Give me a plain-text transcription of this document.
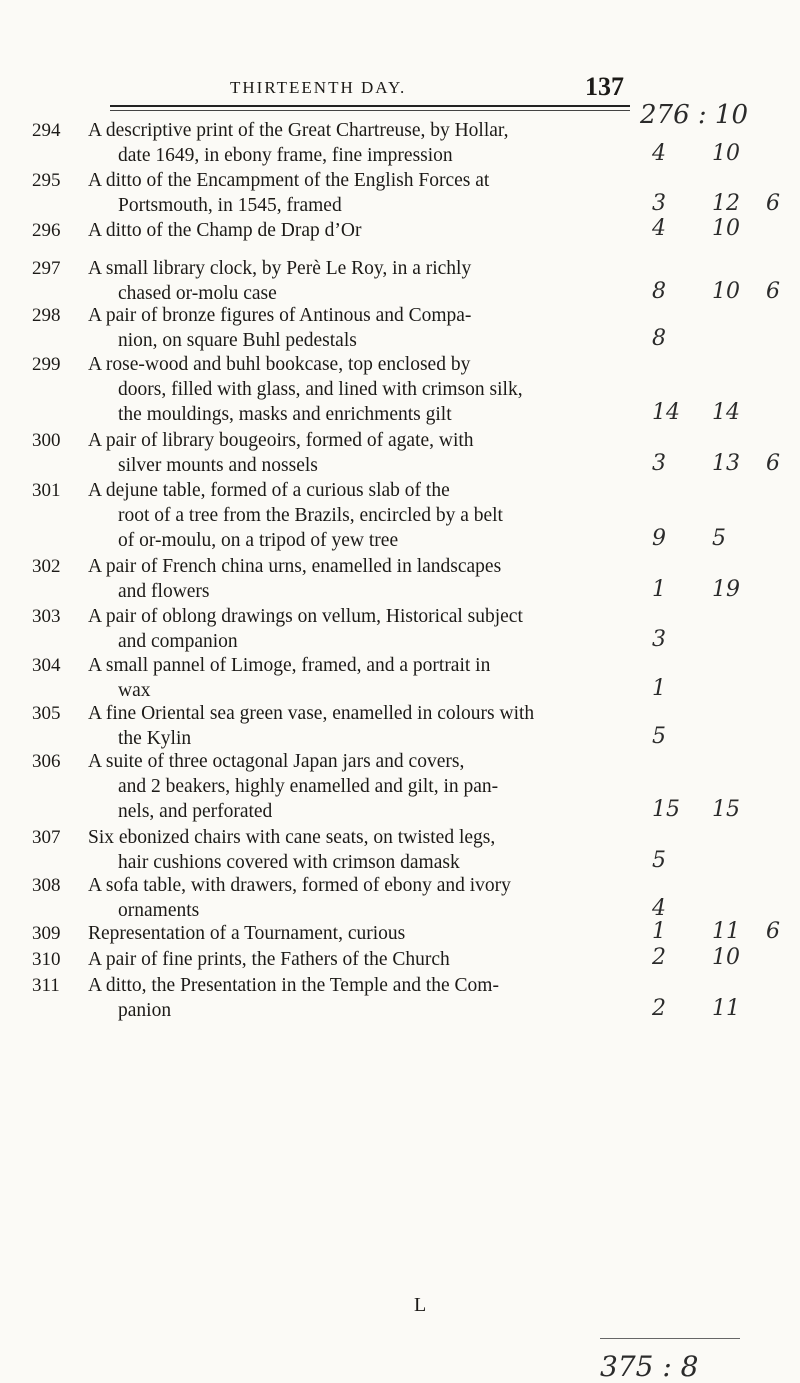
THIRTEENTH DAY.	137
276 : 10
294 A descriptive print of the Great Chartreuse, by Hollar,
date 1649, in ebony frame, fine impression	4 10
295 A ditto of the Encampment of the English Forces at
Portsmouth, in 1545, framed	3 12 6
296 A ditto of the Champ de Drap d’Or	4 10
297 A small library clock, by Perè Le Roy, in a richly
chased or-molu case	8 10 6
298 A pair of bronze figures of Antinous and Compa-
nion, on square Buhl pedestals	8
299 A rose-wood and buhl bookcase, top enclosed by
doors, filled with glass, and lined with crimson silk,
the mouldings, masks and enrichments gilt	14 14
300 A pair of library bougeoirs, formed of agate, with
silver mounts and nossels	3 13 6
301 A dejune table, formed of a curious slab of the
root of a tree from the Brazils, encircled by a belt
of or-moulu, on a tripod of yew tree	9 5
302 A pair of French china urns, enamelled in landscapes
and flowers	1 19
303 A pair of oblong drawings on vellum, Historical subject
and companion	3
304 A small pannel of Limoge, framed, and a portrait in
wax	1
305 A fine Oriental sea green vase, enamelled in colours with
the Kylin	5
306 A suite of three octagonal Japan jars and covers,
and 2 beakers, highly enamelled and gilt, in pan-
nels, and perforated	15 15
307 Six ebonized chairs with cane seats, on twisted legs,
hair cushions covered with crimson damask	5
308 A sofa table, with drawers, formed of ebony and ivory
ornaments	4
309 Representation of a Tournament, curious	1 11 6
310 A pair of fine prints, the Fathers of the Church	2 10
311 A ditto, the Presentation in the Temple and the Com-
panion	2 11
L
375 : 8
